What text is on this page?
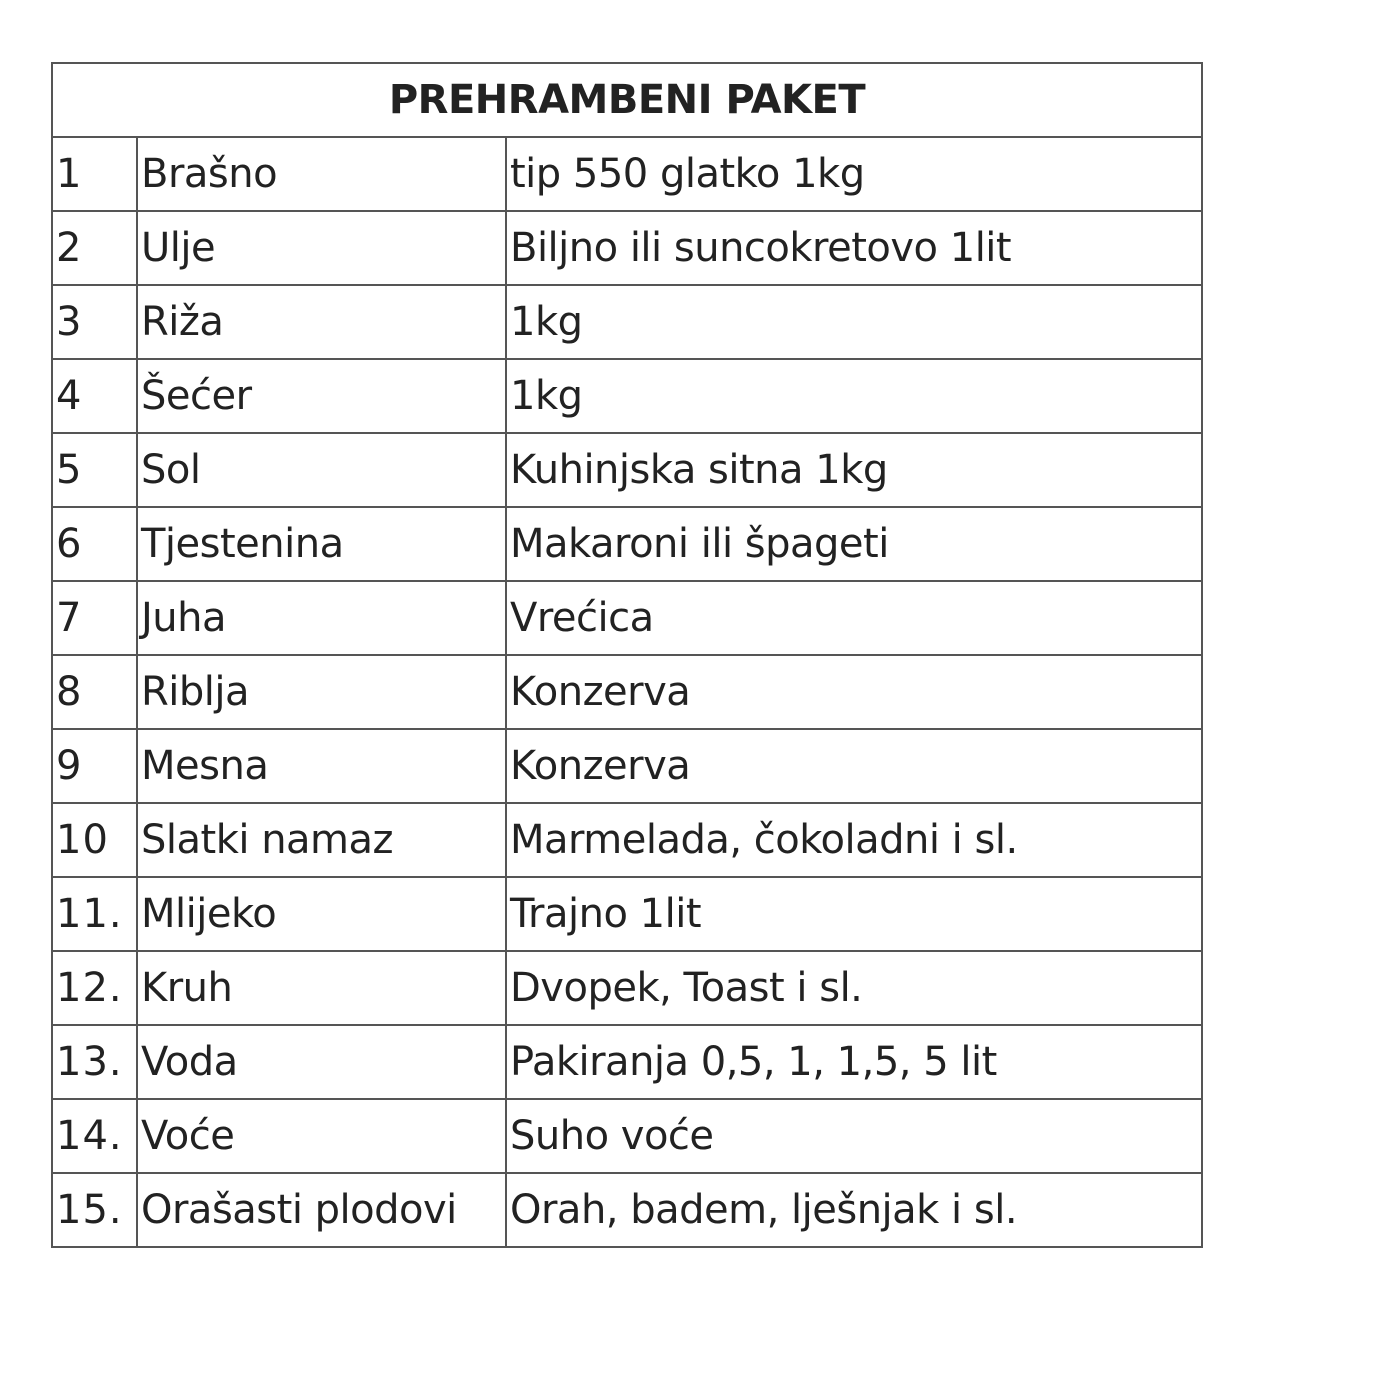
PREHRAMBENI PAKET		
1	Brašno	tip 550 glatko 1kg
2	Ulje	Biljno ili suncokretovo 1lit
3	Riža	1kg
4	Šećer	1kg
5	Sol	Kuhinjska sitna 1kg
6	Tjestenina	Makaroni ili špageti
7	Juha	Vrećica
8	Riblja	Konzerva
9	Mesna	Konzerva
10	Slatki namaz	Marmelada, čokoladni i sl.
11.	Mlijeko	Trajno 1lit
12.	Kruh	Dvopek, Toast i sl.
13.	Voda	Pakiranja 0,5, 1, 1,5, 5 lit
14.	Voće	Suho voće
15.	Orašasti plodovi	Orah, badem, lješnjak i sl.
